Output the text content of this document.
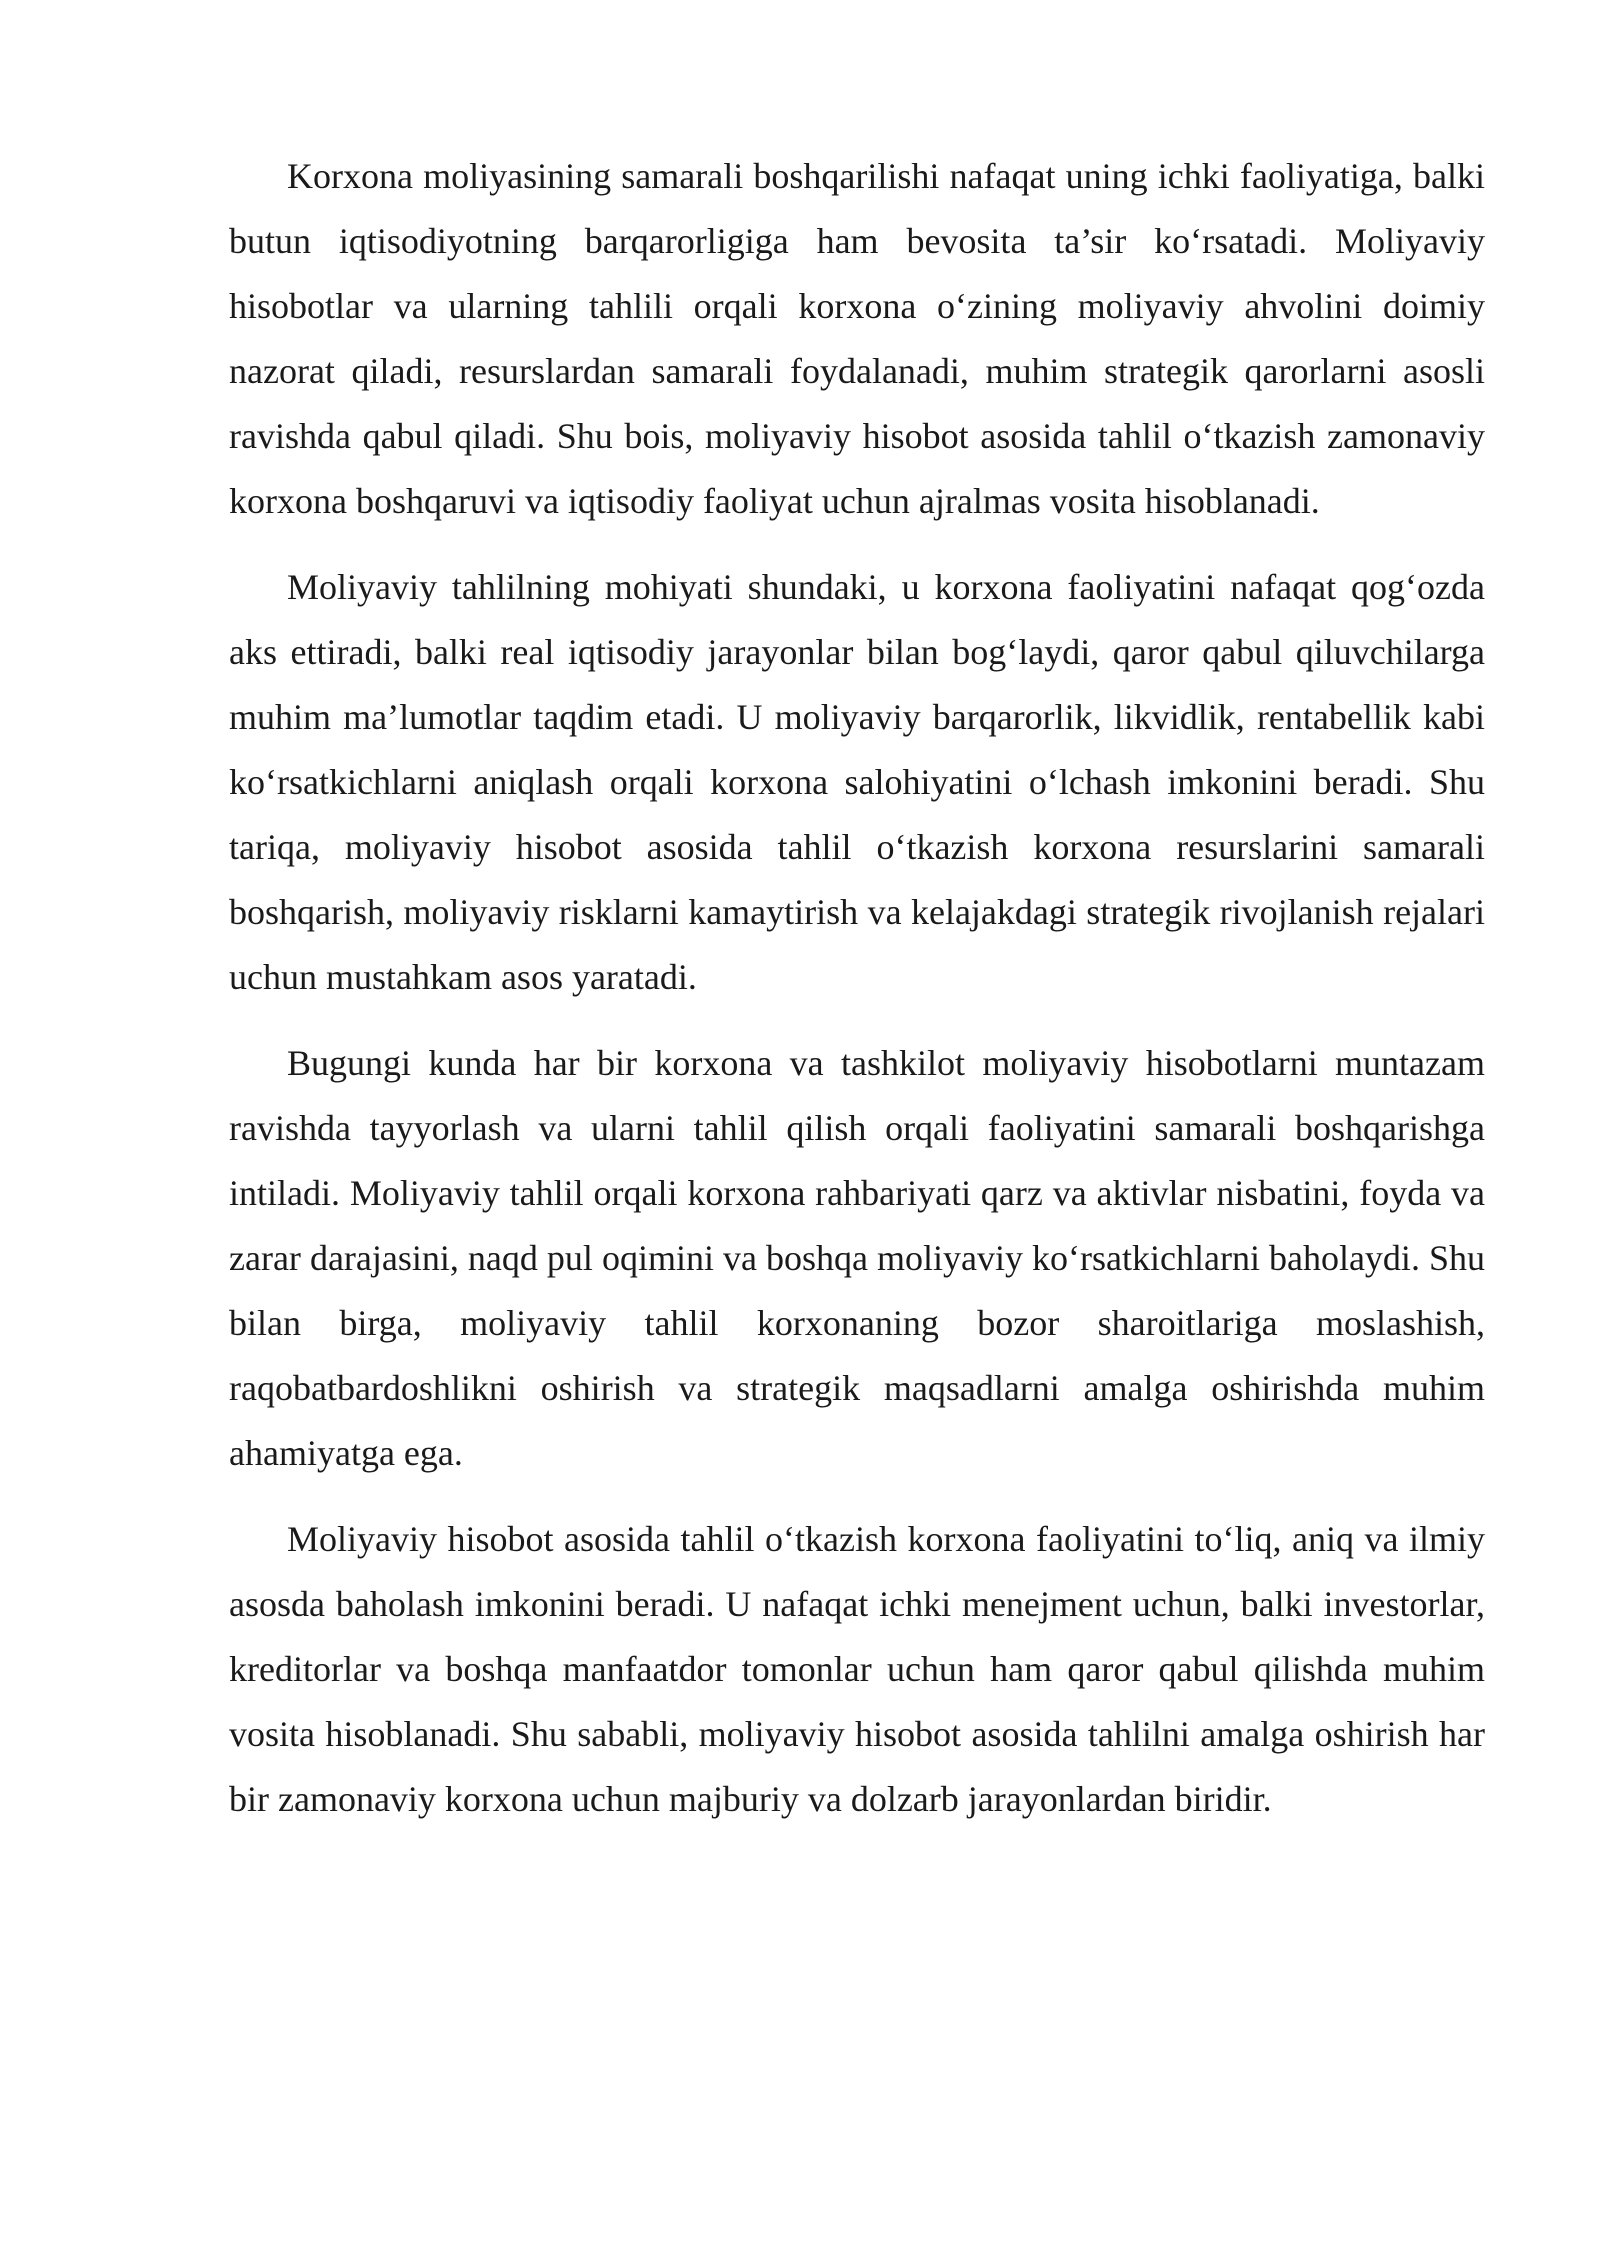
Korxona moliyasining samarali boshqarilishi nafaqat uning ichki faoliyatiga, balki butun iqtisodiyotning barqarorligiga ham bevosita ta’sir ko‘rsatadi. Moliyaviy hisobotlar va ularning tahlili orqali korxona o‘zining moliyaviy ahvolini doimiy nazorat qiladi, resurslardan samarali foydalanadi, muhim strategik qarorlarni asosli ravishda qabul qiladi. Shu bois, moliyaviy hisobot asosida tahlil o‘tkazish zamonaviy korxona boshqaruvi va iqtisodiy faoliyat uchun ajralmas vosita hisoblanadi.

Moliyaviy tahlilning mohiyati shundaki, u korxona faoliyatini nafaqat qog‘ozda aks ettiradi, balki real iqtisodiy jarayonlar bilan bog‘laydi, qaror qabul qiluvchilarga muhim ma’lumotlar taqdim etadi. U moliyaviy barqarorlik, likvidlik, rentabellik kabi ko‘rsatkichlarni aniqlash orqali korxona salohiyatini o‘lchash imkonini beradi. Shu tariqa, moliyaviy hisobot asosida tahlil o‘tkazish korxona resurslarini samarali boshqarish, moliyaviy risklarni kamaytirish va kelajakdagi strategik rivojlanish rejalari uchun mustahkam asos yaratadi.

Bugungi kunda har bir korxona va tashkilot moliyaviy hisobotlarni muntazam ravishda tayyorlash va ularni tahlil qilish orqali faoliyatini samarali boshqarishga intiladi. Moliyaviy tahlil orqali korxona rahbariyati qarz va aktivlar nisbatini, foyda va zarar darajasini, naqd pul oqimini va boshqa moliyaviy ko‘rsatkichlarni baholaydi. Shu bilan birga, moliyaviy tahlil korxonaning bozor sharoitlariga moslashish, raqobatbardoshlikni oshirish va strategik maqsadlarni amalga oshirishda muhim ahamiyatga ega.

Moliyaviy hisobot asosida tahlil o‘tkazish korxona faoliyatini to‘liq, aniq va ilmiy asosda baholash imkonini beradi. U nafaqat ichki menejment uchun, balki investorlar, kreditorlar va boshqa manfaatdor tomonlar uchun ham qaror qabul qilishda muhim vosita hisoblanadi. Shu sababli, moliyaviy hisobot asosida tahlilni amalga oshirish har bir zamonaviy korxona uchun majburiy va dolzarb jarayonlardan biridir.
